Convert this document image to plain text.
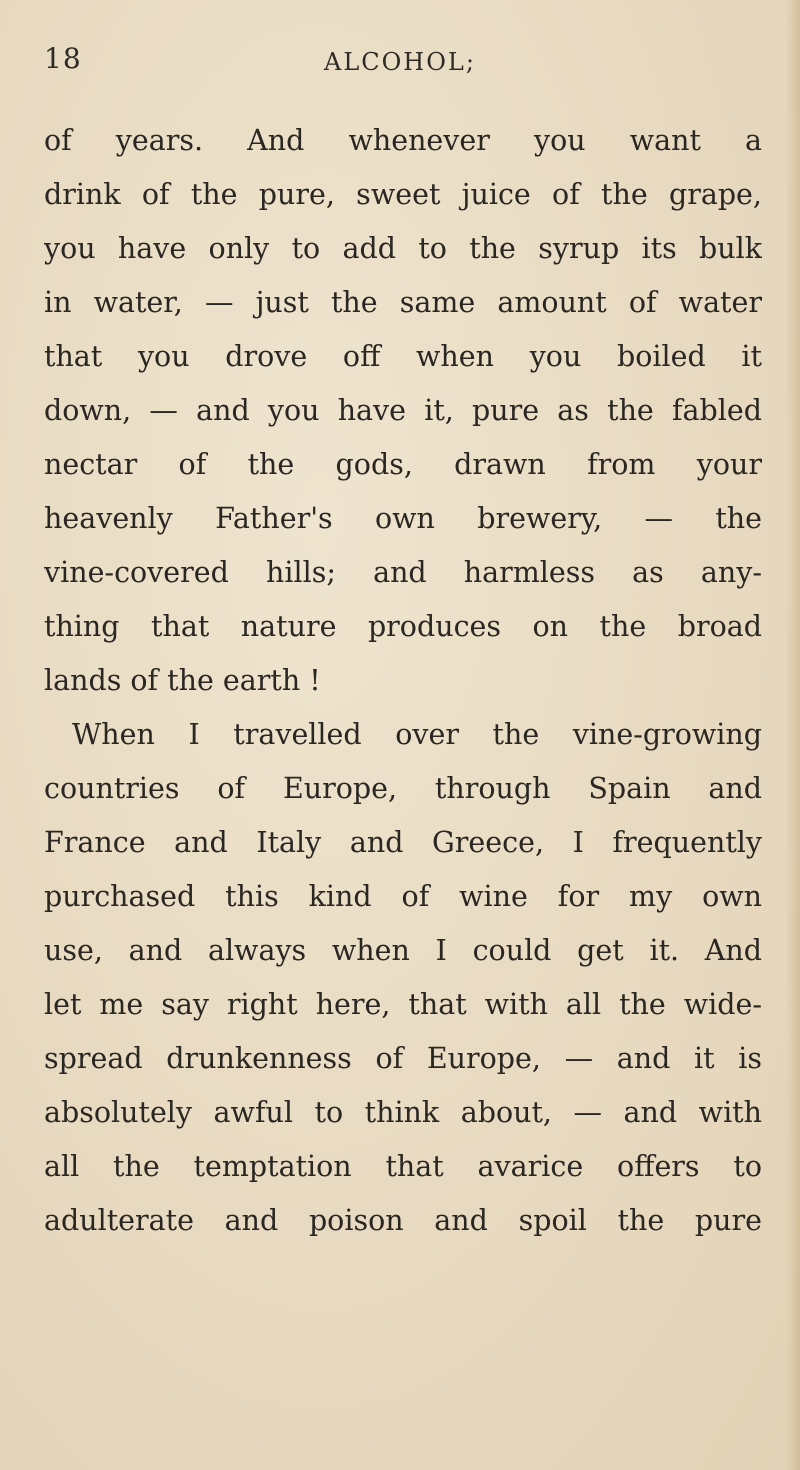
18	ALCOHOL;
of years. And whenever you want a
drink of the pure, sweet juice of the grape,
you have only to add to the syrup its bulk
in water, — just the same amount of water
that you drove off when you boiled it
down, — and you have it, pure as the fabled
nectar of the gods, drawn from your
heavenly Father's own brewery, — the
vine-covered hills; and harmless as any-
thing that nature produces on the broad
lands of the earth !
When I travelled over the vine-growing
countries of Europe, through Spain and
France and Italy and Greece, I frequently
purchased this kind of wine for my own
use, and always when I could get it. And
let me say right here, that with all the wide-
spread drunkenness of Europe, — and it is
absolutely awful to think about, — and with
all the temptation that avarice offers to
adulterate and poison and spoil the pure
